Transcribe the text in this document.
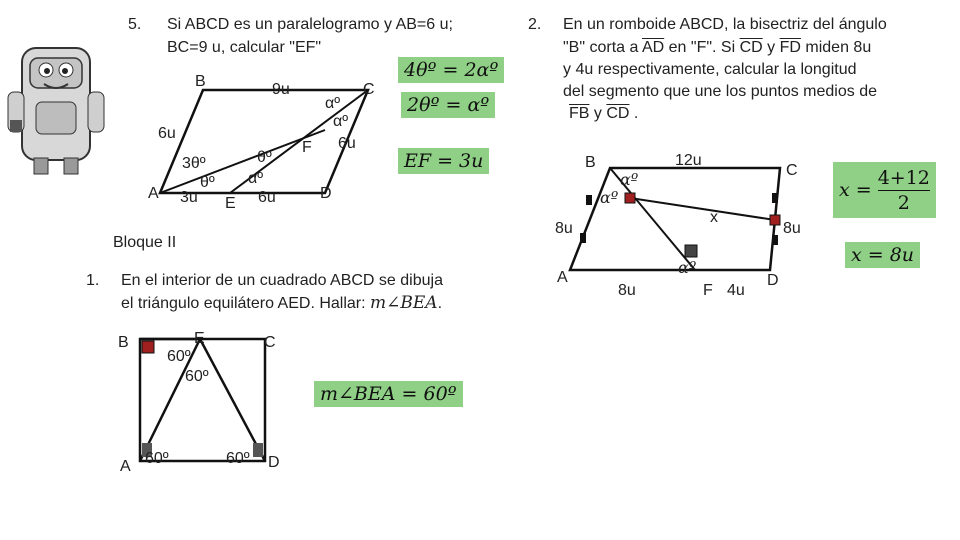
5. Si ABCD es un paralelogramo y AB=6 u;
BC=9 u, calcular "EF"
4θº = 2αº
2θº = αº
EF = 3u
B	C
A	D
E
F
9u
6u
3u	6u
6u
3θº
θº
θº
αº
αº
αº
2. En un romboide ABCD, la bisectriz del ángulo
"B" corta a $\overline{AD}$ en "F". Si $\overline{CD}$ y $\overline{FD}$ miden 8u
y 4u respectivamente, calcular la longitud
del segmento que une los puntos medios de
$\overline{FB}$ y $\overline{CD}$ .
B	C
A	D
F
12u
8u	8u
8u	4u
x
αº
αº
αº
$x = \frac{4+12}{2}$
x = 8u
Bloque II
1. En el interior de un cuadrado ABCD se dibuja
el triángulo equilátero AED. Hallar: m∠BEA.
B	E	C
A	D
60º
60º
60º	60º
m∠BEA = 60º
